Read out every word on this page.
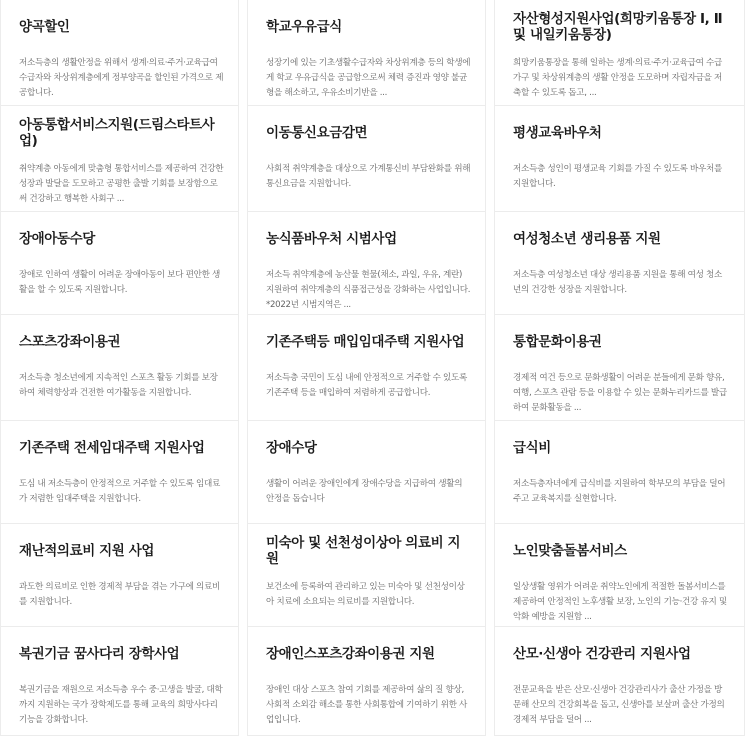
양곡할인
저소득층의 생활안정을 위해서 생계·의료·주거·교육급여 수급자와 차상위계층에게 정부양곡을 할인된 가격으로 제공합니다.
학교우유급식
성장기에 있는 기초생활수급자와 차상위계층 등의 학생에게 학교 우유급식을 공급함으로써 체력 증진과 영양 불균형을 해소하고, 우유소비기반을 ...
자산형성지원사업(희망키움통장 Ⅰ, Ⅱ 및 내일키움통장)
희망키움통장을 통해 일하는 생계·의료·주거·교육급여 수급가구 및 차상위계층의 생활 안정을 도모하며 자립자금을 저축할 수 있도록 돕고, ...
아동통합서비스지원(드림스타트사업)
취약계층 아동에게 맞춤형 통합서비스를 제공하여 건강한 성장과 발달을 도모하고 공평한 출발 기회를 보장함으로써 건강하고 행복한 사회구 ...
이동통신요금감면
사회적 취약계층을 대상으로 가계통신비 부담완화를 위해 통신요금을 지원합니다.
평생교육바우처
저소득층 성인이 평생교육 기회를 가질 수 있도록 바우처를 지원합니다.
장애아동수당
장애로 인하여 생활이 어려운 장애아동이 보다 편안한 생활을 할 수 있도록 지원합니다.
농식품바우처 시범사업
저소득 취약계층에 농산물 현물(채소, 과일, 우유, 계란) 지원하여 취약계층의 식품접근성을 강화하는 사업입니다. *2022년 시범지역은 ...
여성청소년 생리용품 지원
저소득층 여성청소년 대상 생리용품 지원을 통해 여성 청소년의 건강한 성장을 지원합니다.
스포츠강좌이용권
저소득층 청소년에게 지속적인 스포츠 활동 기회를 보장하여 체력향상과 건전한 여가활동을 지원합니다.
기존주택등 매입임대주택 지원사업
저소득층 국민이 도심 내에 안정적으로 거주할 수 있도록 기존주택 등을 매입하여 저렴하게 공급합니다.
통합문화이용권
경제적 여건 등으로 문화생활이 어려운 분들에게 문화 향유, 여행, 스포츠 관람 등을 이용할 수 있는 문화누리카드를 발급하여 문화활동을 ...
기존주택 전세임대주택 지원사업
도심 내 저소득층이 안정적으로 거주할 수 있도록 임대료가 저렴한 임대주택을 지원합니다.
장애수당
생활이 어려운 장애인에게 장애수당을 지급하여 생활의 안정을 돕습니다
급식비
저소득층자녀에게 급식비를 지원하여 학부모의 부담을 덜어주고 교육복지를 실현합니다.
재난적의료비 지원 사업
과도한 의료비로 인한 경제적 부담을 겪는 가구에 의료비를 지원합니다.
미숙아 및 선천성이상아 의료비 지원
보건소에 등록하여 관리하고 있는 미숙아 및 선천성이상아 치료에 소요되는 의료비를 지원합니다.
노인맞춤돌봄서비스
일상생활 영위가 어려운 취약노인에게 적절한 돌봄서비스를 제공하여 안정적인 노후생활 보장, 노인의 기능·건강 유지 및 악화 예방을 지원함 ...
복권기금 꿈사다리 장학사업
복권기금을 재원으로 저소득층 우수 중·고생을 발굴, 대학까지 지원하는 국가 장학제도를 통해 교육의 희망사다리 기능을 강화합니다.
장애인스포츠강좌이용권 지원
장애인 대상 스포츠 참여 기회를 제공하여 삶의 질 향상, 사회적 소외감 해소를 통한 사회통합에 기여하기 위한 사업입니다.
산모·신생아 건강관리 지원사업
전문교육을 받은 산모·신생아 건강관리사가 출산 가정을 방문해 산모의 건강회복을 돕고, 신생아를 보살펴 출산 가정의 경제적 부담을 덜어 ...
